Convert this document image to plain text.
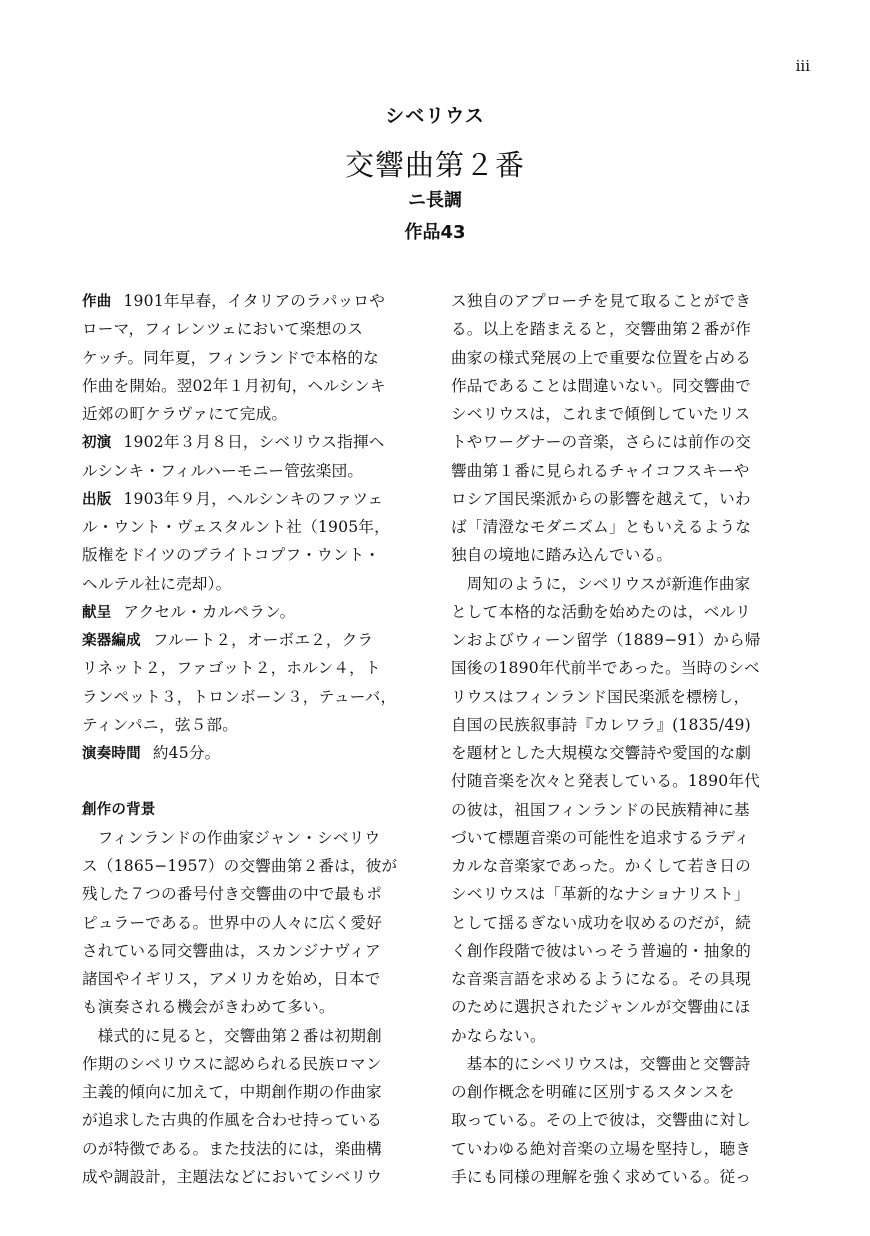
iii
シベリウス
交響曲第２番
ニ長調
作品43
作曲 1901年早春，イタリアのラパッロや
ローマ，フィレンツェにおいて楽想のス
ケッチ。同年夏，フィンランドで本格的な
作曲を開始。翌02年１月初旬，ヘルシンキ
近郊の町ケラヴァにて完成。
初演 1902年３月８日，シベリウス指揮ヘ
ルシンキ・フィルハーモニー管弦楽団。
出版 1903年９月，ヘルシンキのファツェ
ル・ウント・ヴェスタルント社（1905年，
版権をドイツのブライトコプフ・ウント・
ヘルテル社に売却）。
献呈 アクセル・カルペラン。
楽器編成 フルート２，オーボエ２，クラ
リネット２，ファゴット２，ホルン４，ト
ランペット３，トロンボーン３，テューバ，
ティンパニ，弦５部。
演奏時間 約45分。
創作の背景
フィンランドの作曲家ジャン・シベリウ
ス（1865−1957）の交響曲第２番は，彼が
残した７つの番号付き交響曲の中で最もポ
ピュラーである。世界中の人々に広く愛好
されている同交響曲は，スカンジナヴィア
諸国やイギリス，アメリカを始め，日本で
も演奏される機会がきわめて多い。
様式的に見ると，交響曲第２番は初期創
作期のシベリウスに認められる民族ロマン
主義的傾向に加えて，中期創作期の作曲家
が追求した古典的作風を合わせ持っている
のが特徴である。また技法的には，楽曲構
成や調設計，主題法などにおいてシベリウ
ス独自のアプローチを見て取ることができ
る。以上を踏まえると，交響曲第２番が作
曲家の様式発展の上で重要な位置を占める
作品であることは間違いない。同交響曲で
シベリウスは，これまで傾倒していたリス
トやワーグナーの音楽，さらには前作の交
響曲第１番に見られるチャイコフスキーや
ロシア国民楽派からの影響を越えて，いわ
ば「清澄なモダニズム」ともいえるような
独自の境地に踏み込んでいる。
周知のように，シベリウスが新進作曲家
として本格的な活動を始めたのは，ベルリ
ンおよびウィーン留学（1889−91）から帰
国後の1890年代前半であった。当時のシベ
リウスはフィンランド国民楽派を標榜し，
自国の民族叙事詩『カレワラ』(1835/49)
を題材とした大規模な交響詩や愛国的な劇
付随音楽を次々と発表している。1890年代
の彼は，祖国フィンランドの民族精神に基
づいて標題音楽の可能性を追求するラディ
カルな音楽家であった。かくして若き日の
シベリウスは「革新的なナショナリスト」
として揺るぎない成功を収めるのだが，続
く創作段階で彼はいっそう普遍的・抽象的
な音楽言語を求めるようになる。その具現
のために選択されたジャンルが交響曲にほ
かならない。
基本的にシベリウスは，交響曲と交響詩
の創作概念を明確に区別するスタンスを
取っている。その上で彼は，交響曲に対し
ていわゆる絶対音楽の立場を堅持し，聴き
手にも同様の理解を強く求めている。従っ
